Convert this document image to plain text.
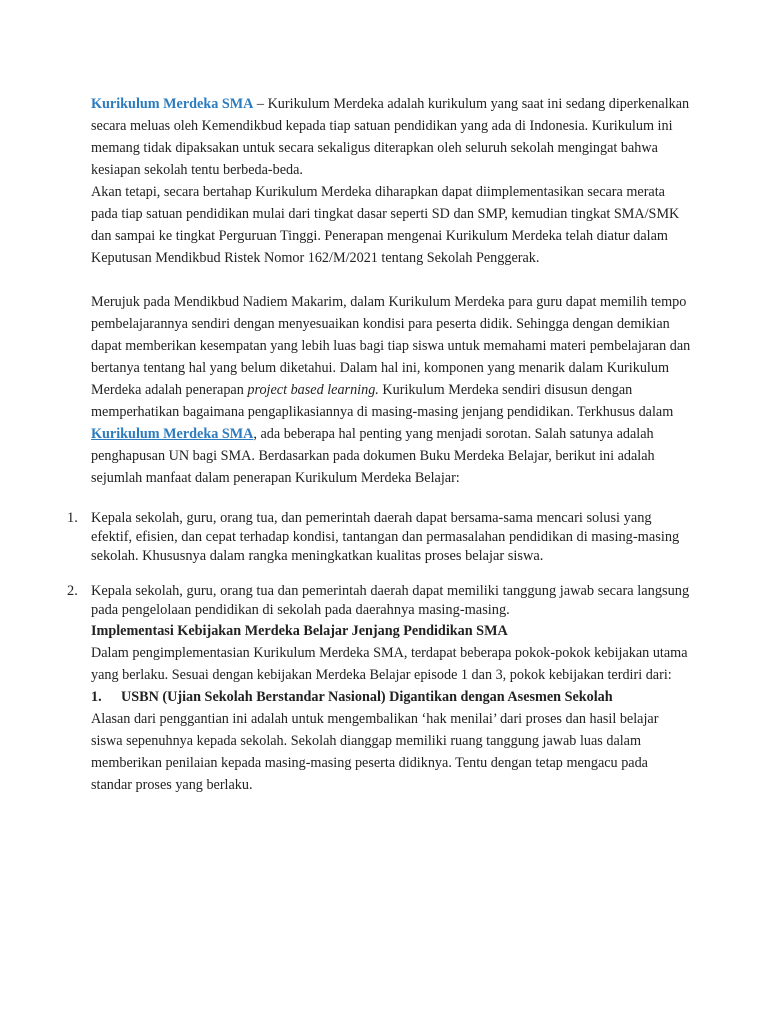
Kurikulum Merdeka SMA – Kurikulum Merdeka adalah kurikulum yang saat ini sedang diperkenalkan secara meluas oleh Kemendikbud kepada tiap satuan pendidikan yang ada di Indonesia. Kurikulum ini memang tidak dipaksakan untuk secara sekaligus diterapkan oleh seluruh sekolah mengingat bahwa kesiapan sekolah tentu berbeda-beda.

Akan tetapi, secara bertahap Kurikulum Merdeka diharapkan dapat diimplementasikan secara merata pada tiap satuan pendidikan mulai dari tingkat dasar seperti SD dan SMP, kemudian tingkat SMA/SMK dan sampai ke tingkat Perguruan Tinggi. Penerapan mengenai Kurikulum Merdeka telah diatur dalam Keputusan Mendikbud Ristek Nomor 162/M/2021 tentang Sekolah Penggerak.

Merujuk pada Mendikbud Nadiem Makarim, dalam Kurikulum Merdeka para guru dapat memilih tempo pembelajarannya sendiri dengan menyesuaikan kondisi para peserta didik. Sehingga dengan demikian dapat memberikan kesempatan yang lebih luas bagi tiap siswa untuk memahami materi pembelajaran dan bertanya tentang hal yang belum diketahui. Dalam hal ini, komponen yang menarik dalam Kurikulum Merdeka adalah penerapan project based learning. Kurikulum Merdeka sendiri disusun dengan memperhatikan bagaimana pengaplikasiannya di masing-masing jenjang pendidikan. Terkhusus dalam Kurikulum Merdeka SMA, ada beberapa hal penting yang menjadi sorotan. Salah satunya adalah penghapusan UN bagi SMA. Berdasarkan pada dokumen Buku Merdeka Belajar, berikut ini adalah sejumlah manfaat dalam penerapan Kurikulum Merdeka Belajar:

1. Kepala sekolah, guru, orang tua, dan pemerintah daerah dapat bersama-sama mencari solusi yang efektif, efisien, dan cepat terhadap kondisi, tantangan dan permasalahan pendidikan di masing-masing sekolah. Khususnya dalam rangka meningkatkan kualitas proses belajar siswa.
2. Kepala sekolah, guru, orang tua dan pemerintah daerah dapat memiliki tanggung jawab secara langsung pada pengelolaan pendidikan di sekolah pada daerahnya masing-masing.

Implementasi Kebijakan Merdeka Belajar Jenjang Pendidikan SMA

Dalam pengimplementasian Kurikulum Merdeka SMA, terdapat beberapa pokok-pokok kebijakan utama yang berlaku. Sesuai dengan kebijakan Merdeka Belajar episode 1 dan 3, pokok kebijakan terdiri dari:

1. USBN (Ujian Sekolah Berstandar Nasional) Digantikan dengan Asesmen Sekolah

Alasan dari penggantian ini adalah untuk mengembalikan ‘hak menilai’ dari proses dan hasil belajar siswa sepenuhnya kepada sekolah. Sekolah dianggap memiliki ruang tanggung jawab luas dalam memberikan penilaian kepada masing-masing peserta didiknya. Tentu dengan tetap mengacu pada standar proses yang berlaku.
